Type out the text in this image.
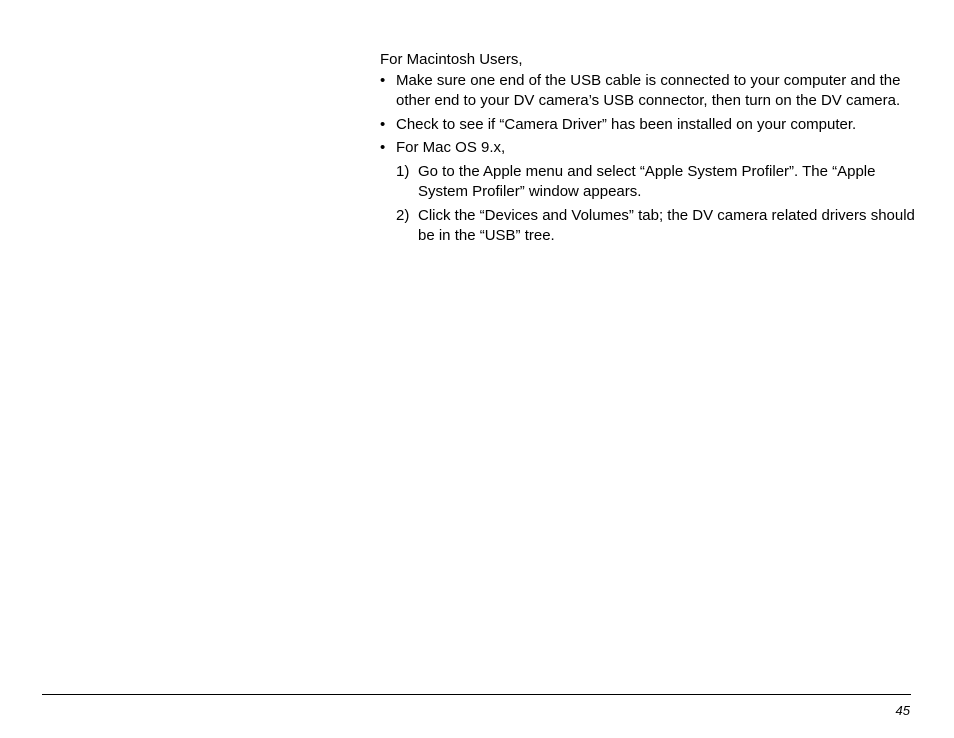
For Macintosh Users,

• Make sure one end of the USB cable is connected to your computer and the other end to your DV camera’s USB connector, then turn on the DV camera.
• Check to see if “Camera Driver” has been installed on your computer.
• For Mac OS 9.x,
1) Go to the Apple menu and select “Apple System Profiler”. The “Apple System Profiler” window appears.
2) Click the “Devices and Volumes” tab; the DV camera related drivers should be in the “USB” tree.
45
